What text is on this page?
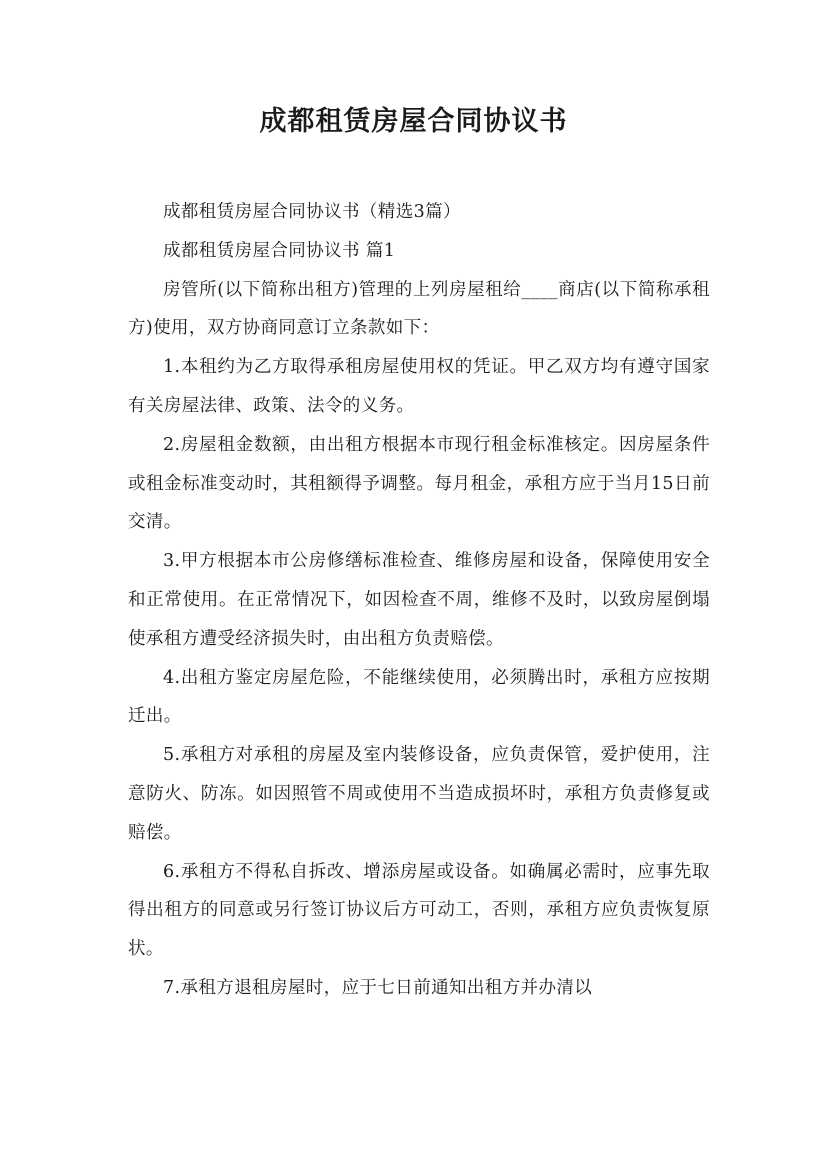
成都租赁房屋合同协议书

成都租赁房屋合同协议书（精选3篇）

成都租赁房屋合同协议书 篇1

房管所(以下简称出租方)管理的上列房屋租给____商店(以下简称承租方)使用，双方协商同意订立条款如下：

1.本租约为乙方取得承租房屋使用权的凭证。甲乙双方均有遵守国家有关房屋法律、政策、法令的义务。

2.房屋租金数额，由出租方根据本市现行租金标准核定。因房屋条件或租金标准变动时，其租额得予调整。每月租金，承租方应于当月15日前交清。

3.甲方根据本市公房修缮标准检查、维修房屋和设备，保障使用安全和正常使用。在正常情况下，如因检查不周，维修不及时，以致房屋倒塌使承租方遭受经济损失时，由出租方负责赔偿。

4.出租方鉴定房屋危险，不能继续使用，必须腾出时，承租方应按期迁出。

5.承租方对承租的房屋及室内装修设备，应负责保管，爱护使用，注意防火、防冻。如因照管不周或使用不当造成损坏时，承租方负责修复或赔偿。

6.承租方不得私自拆改、增添房屋或设备。如确属必需时，应事先取得出租方的同意或另行签订协议后方可动工，否则，承租方应负责恢复原状。

7.承租方退租房屋时，应于七日前通知出租方并办清以
